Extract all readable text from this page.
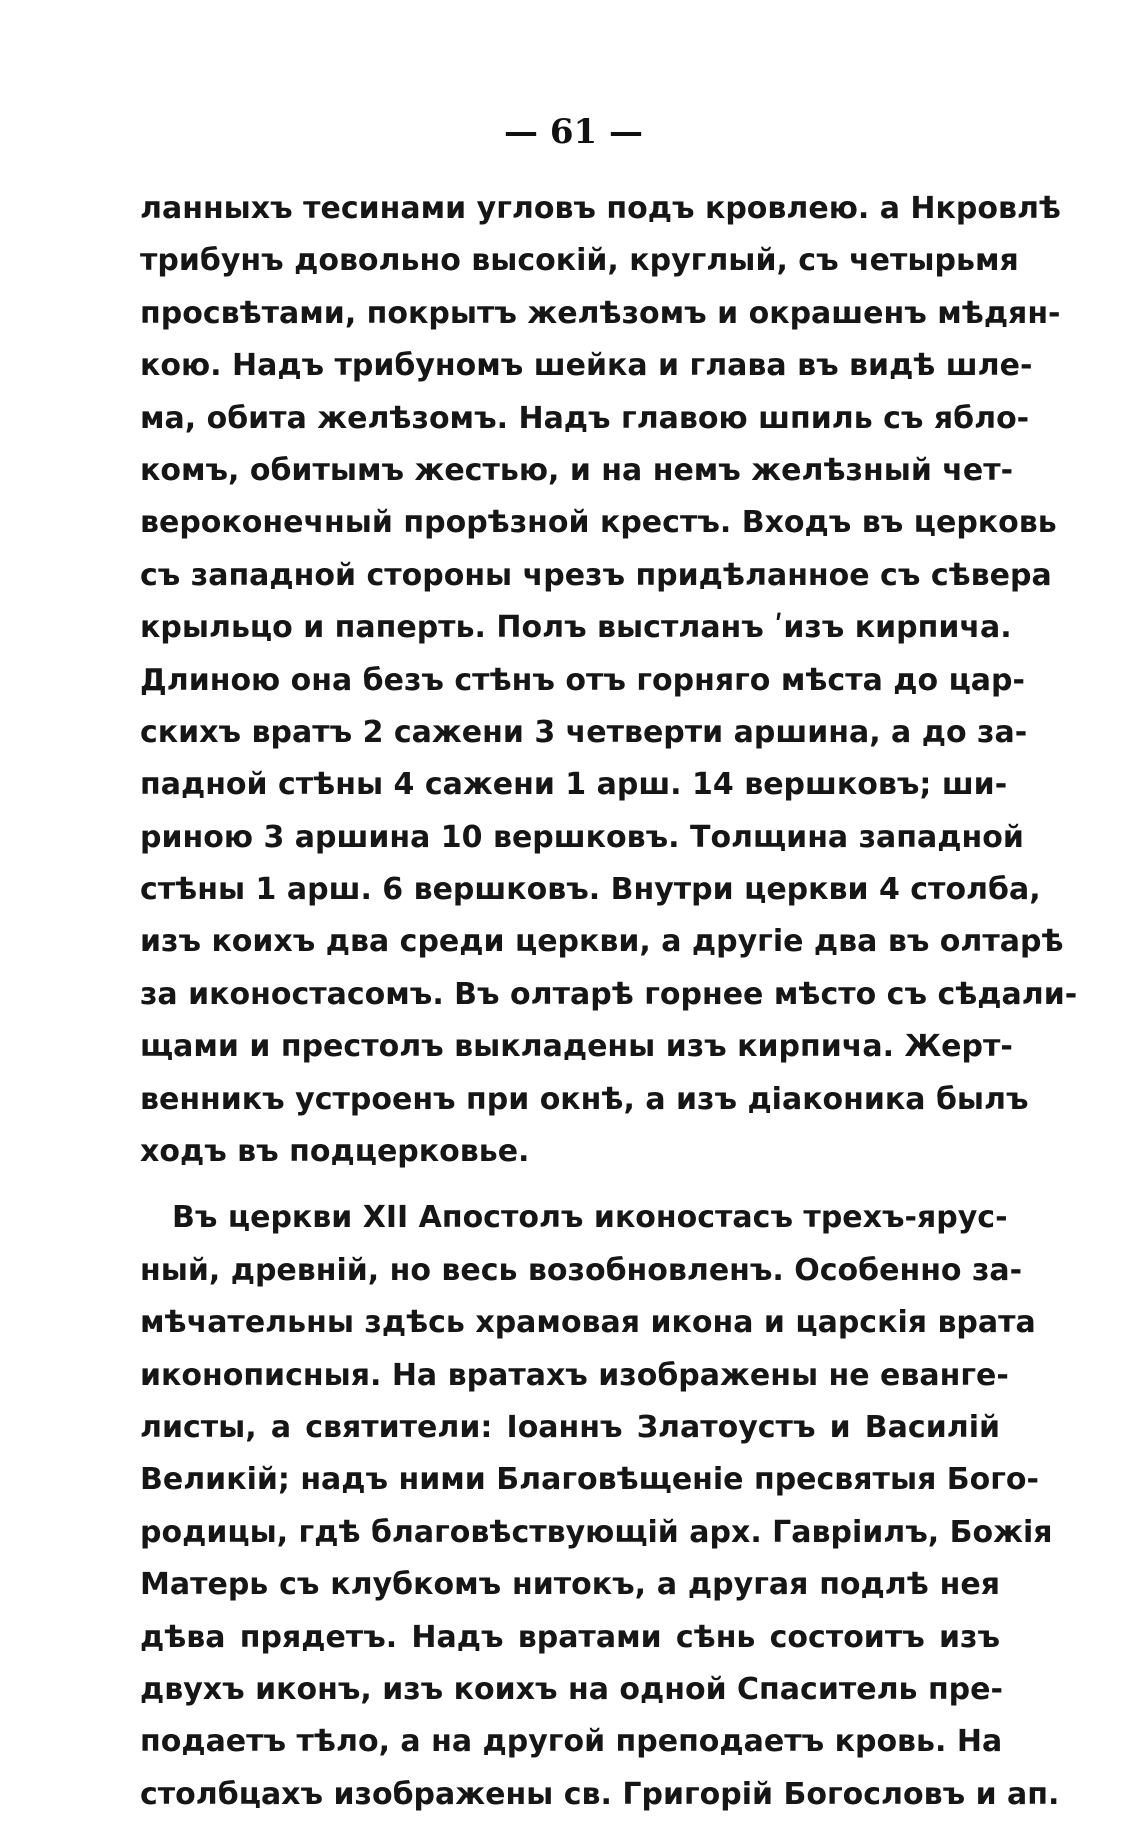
— 61 —
ланныхъ тесинами угловъ подъ кровлею. а Нкровлѣ
трибунъ довольно высокій, круглый, съ четырьмя
просвѣтами, покрытъ желѣзомъ и окрашенъ мѣдян-
кою. Надъ трибуномъ шейка и глава въ видѣ шле-
ма, обита желѣзомъ. Надъ главою шпиль съ ябло-
комъ, обитымъ жестью, и на немъ желѣзный чет-
вероконечный прорѣзной крестъ. Входъ въ церковь
съ западной стороны чрезъ придѣланное съ сѣвера
крыльцо и паперть. Полъ выстланъ ʹизъ кирпича.
Длиною она безъ стѣнъ отъ горняго мѣста до цар-
скихъ вратъ 2 сажени 3 четверти аршина, а до за-
падной стѣны 4 сажени 1 арш. 14 вершковъ; ши-
риною 3 аршина 10 вершковъ. Толщина западной
стѣны 1 арш. 6 вершковъ. Внутри церкви 4 столба,
изъ коихъ два среди церкви, а другіе два въ олтарѣ
за иконостасомъ. Въ олтарѣ горнее мѣсто съ сѣдали-
щами и престолъ выкладены изъ кирпича. Жерт-
венникъ устроенъ при окнѣ, а изъ діаконика былъ
ходъ въ подцерковье.
Въ церкви XII Апостолъ иконостасъ трехъ-ярус-
ный, древній, но весь возобновленъ. Особенно за-
мѣчательны здѣсь храмовая икона и царскія врата
иконописныя. На вратахъ изображены не еванге-
листы, а святители: Іоаннъ Златоустъ и Василій
Великій; надъ ними Благовѣщеніе пресвятыя Бого-
родицы, гдѣ благовѣствующій арх. Гавріилъ, Божія
Матерь съ клубкомъ нитокъ, а другая подлѣ нея
дѣва прядетъ. Надъ вратами сѣнь состоитъ изъ
двухъ иконъ, изъ коихъ на одной Спаситель пре-
подаетъ тѣло, а на другой преподаетъ кровь. На
столбцахъ изображены св. Григорій Богословъ и ап.
